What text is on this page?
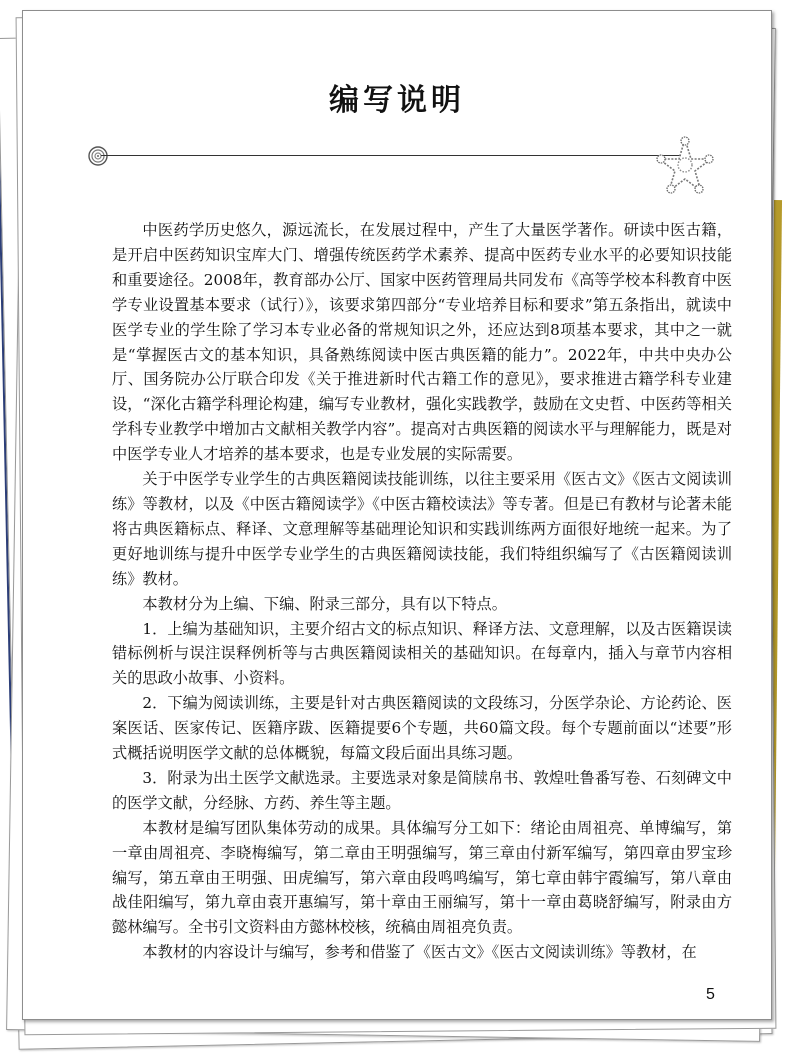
编写说明

中医药学历史悠久，源远流长，在发展过程中，产生了大量医学著作。研读中医古籍，是开启中医药知识宝库大门、增强传统医药学术素养、提高中医药专业水平的必要知识技能和重要途径。2008年，教育部办公厅、国家中医药管理局共同发布《高等学校本科教育中医学专业设置基本要求（试行）》，该要求第四部分“专业培养目标和要求”第五条指出，就读中医学专业的学生除了学习本专业必备的常规知识之外，还应达到8项基本要求，其中之一就是“掌握医古文的基本知识，具备熟练阅读中医古典医籍的能力”。2022年，中共中央办公厅、国务院办公厅联合印发《关于推进新时代古籍工作的意见》，要求推进古籍学科专业建设，“深化古籍学科理论构建，编写专业教材，强化实践教学，鼓励在文史哲、中医药等相关学科专业教学中增加古文献相关教学内容”。提高对古典医籍的阅读水平与理解能力，既是对中医学专业人才培养的基本要求，也是专业发展的实际需要。

关于中医学专业学生的古典医籍阅读技能训练，以往主要采用《医古文》《医古文阅读训练》等教材，以及《中医古籍阅读学》《中医古籍校读法》等专著。但是已有教材与论著未能将古典医籍标点、释译、文意理解等基础理论知识和实践训练两方面很好地统一起来。为了更好地训练与提升中医学专业学生的古典医籍阅读技能，我们特组织编写了《古医籍阅读训练》教材。

本教材分为上编、下编、附录三部分，具有以下特点。

1．上编为基础知识，主要介绍古文的标点知识、释译方法、文意理解，以及古医籍误读错标例析与误注误释例析等与古典医籍阅读相关的基础知识。在每章内，插入与章节内容相关的思政小故事、小资料。

2．下编为阅读训练，主要是针对古典医籍阅读的文段练习，分医学杂论、方论药论、医案医话、医家传记、医籍序跋、医籍提要6个专题，共60篇文段。每个专题前面以“述要”形式概括说明医学文献的总体概貌，每篇文段后面出具练习题。

3．附录为出土医学文献选录。主要选录对象是简牍帛书、敦煌吐鲁番写卷、石刻碑文中的医学文献，分经脉、方药、养生等主题。

本教材是编写团队集体劳动的成果。具体编写分工如下：绪论由周祖亮、单博编写，第一章由周祖亮、李晓梅编写，第二章由王明强编写，第三章由付新军编写，第四章由罗宝珍编写，第五章由王明强、田虎编写，第六章由段鸣鸣编写，第七章由韩宇霞编写，第八章由战佳阳编写，第九章由袁开惠编写，第十章由王丽编写，第十一章由葛晓舒编写，附录由方懿林编写。全书引文资料由方懿林校核，统稿由周祖亮负责。

本教材的内容设计与编写，参考和借鉴了《医古文》《医古文阅读训练》等教材，在

5
